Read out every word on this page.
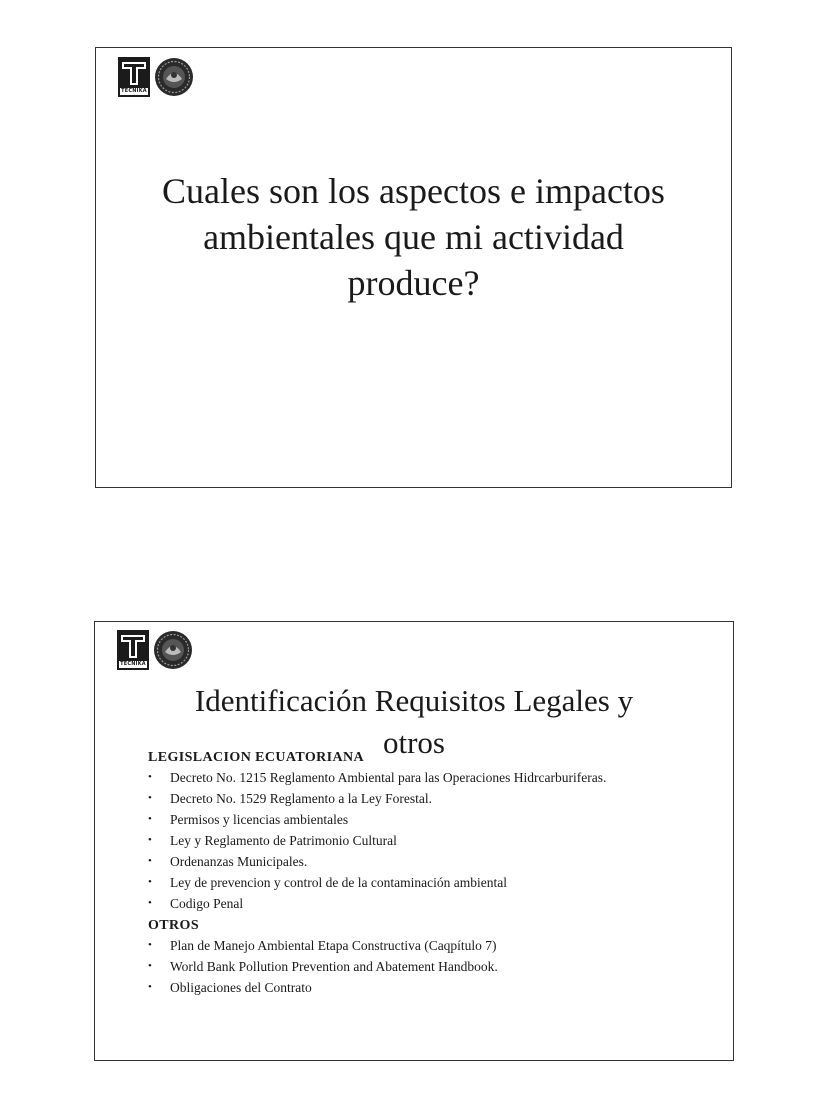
TECNIKA
Cuales son los aspectos e impactos
ambientales que mi actividad
produce?
TECNIKA
Identificación Requisitos Legales y
otros

LEGISLACION ECUATORIANA

• Decreto No. 1215 Reglamento Ambiental para las Operaciones Hidrcarburiferas.
• Decreto No. 1529 Reglamento a la Ley Forestal.
• Permisos y licencias ambientales
• Ley y Reglamento de Patrimonio Cultural
• Ordenanzas Municipales.
• Ley de prevencion y control de de la contaminación ambiental
• Codigo Penal

OTROS

• Plan de Manejo Ambiental Etapa Constructiva (Caqpítulo 7)
• World Bank Pollution Prevention and Abatement Handbook.
• Obligaciones del Contrato
